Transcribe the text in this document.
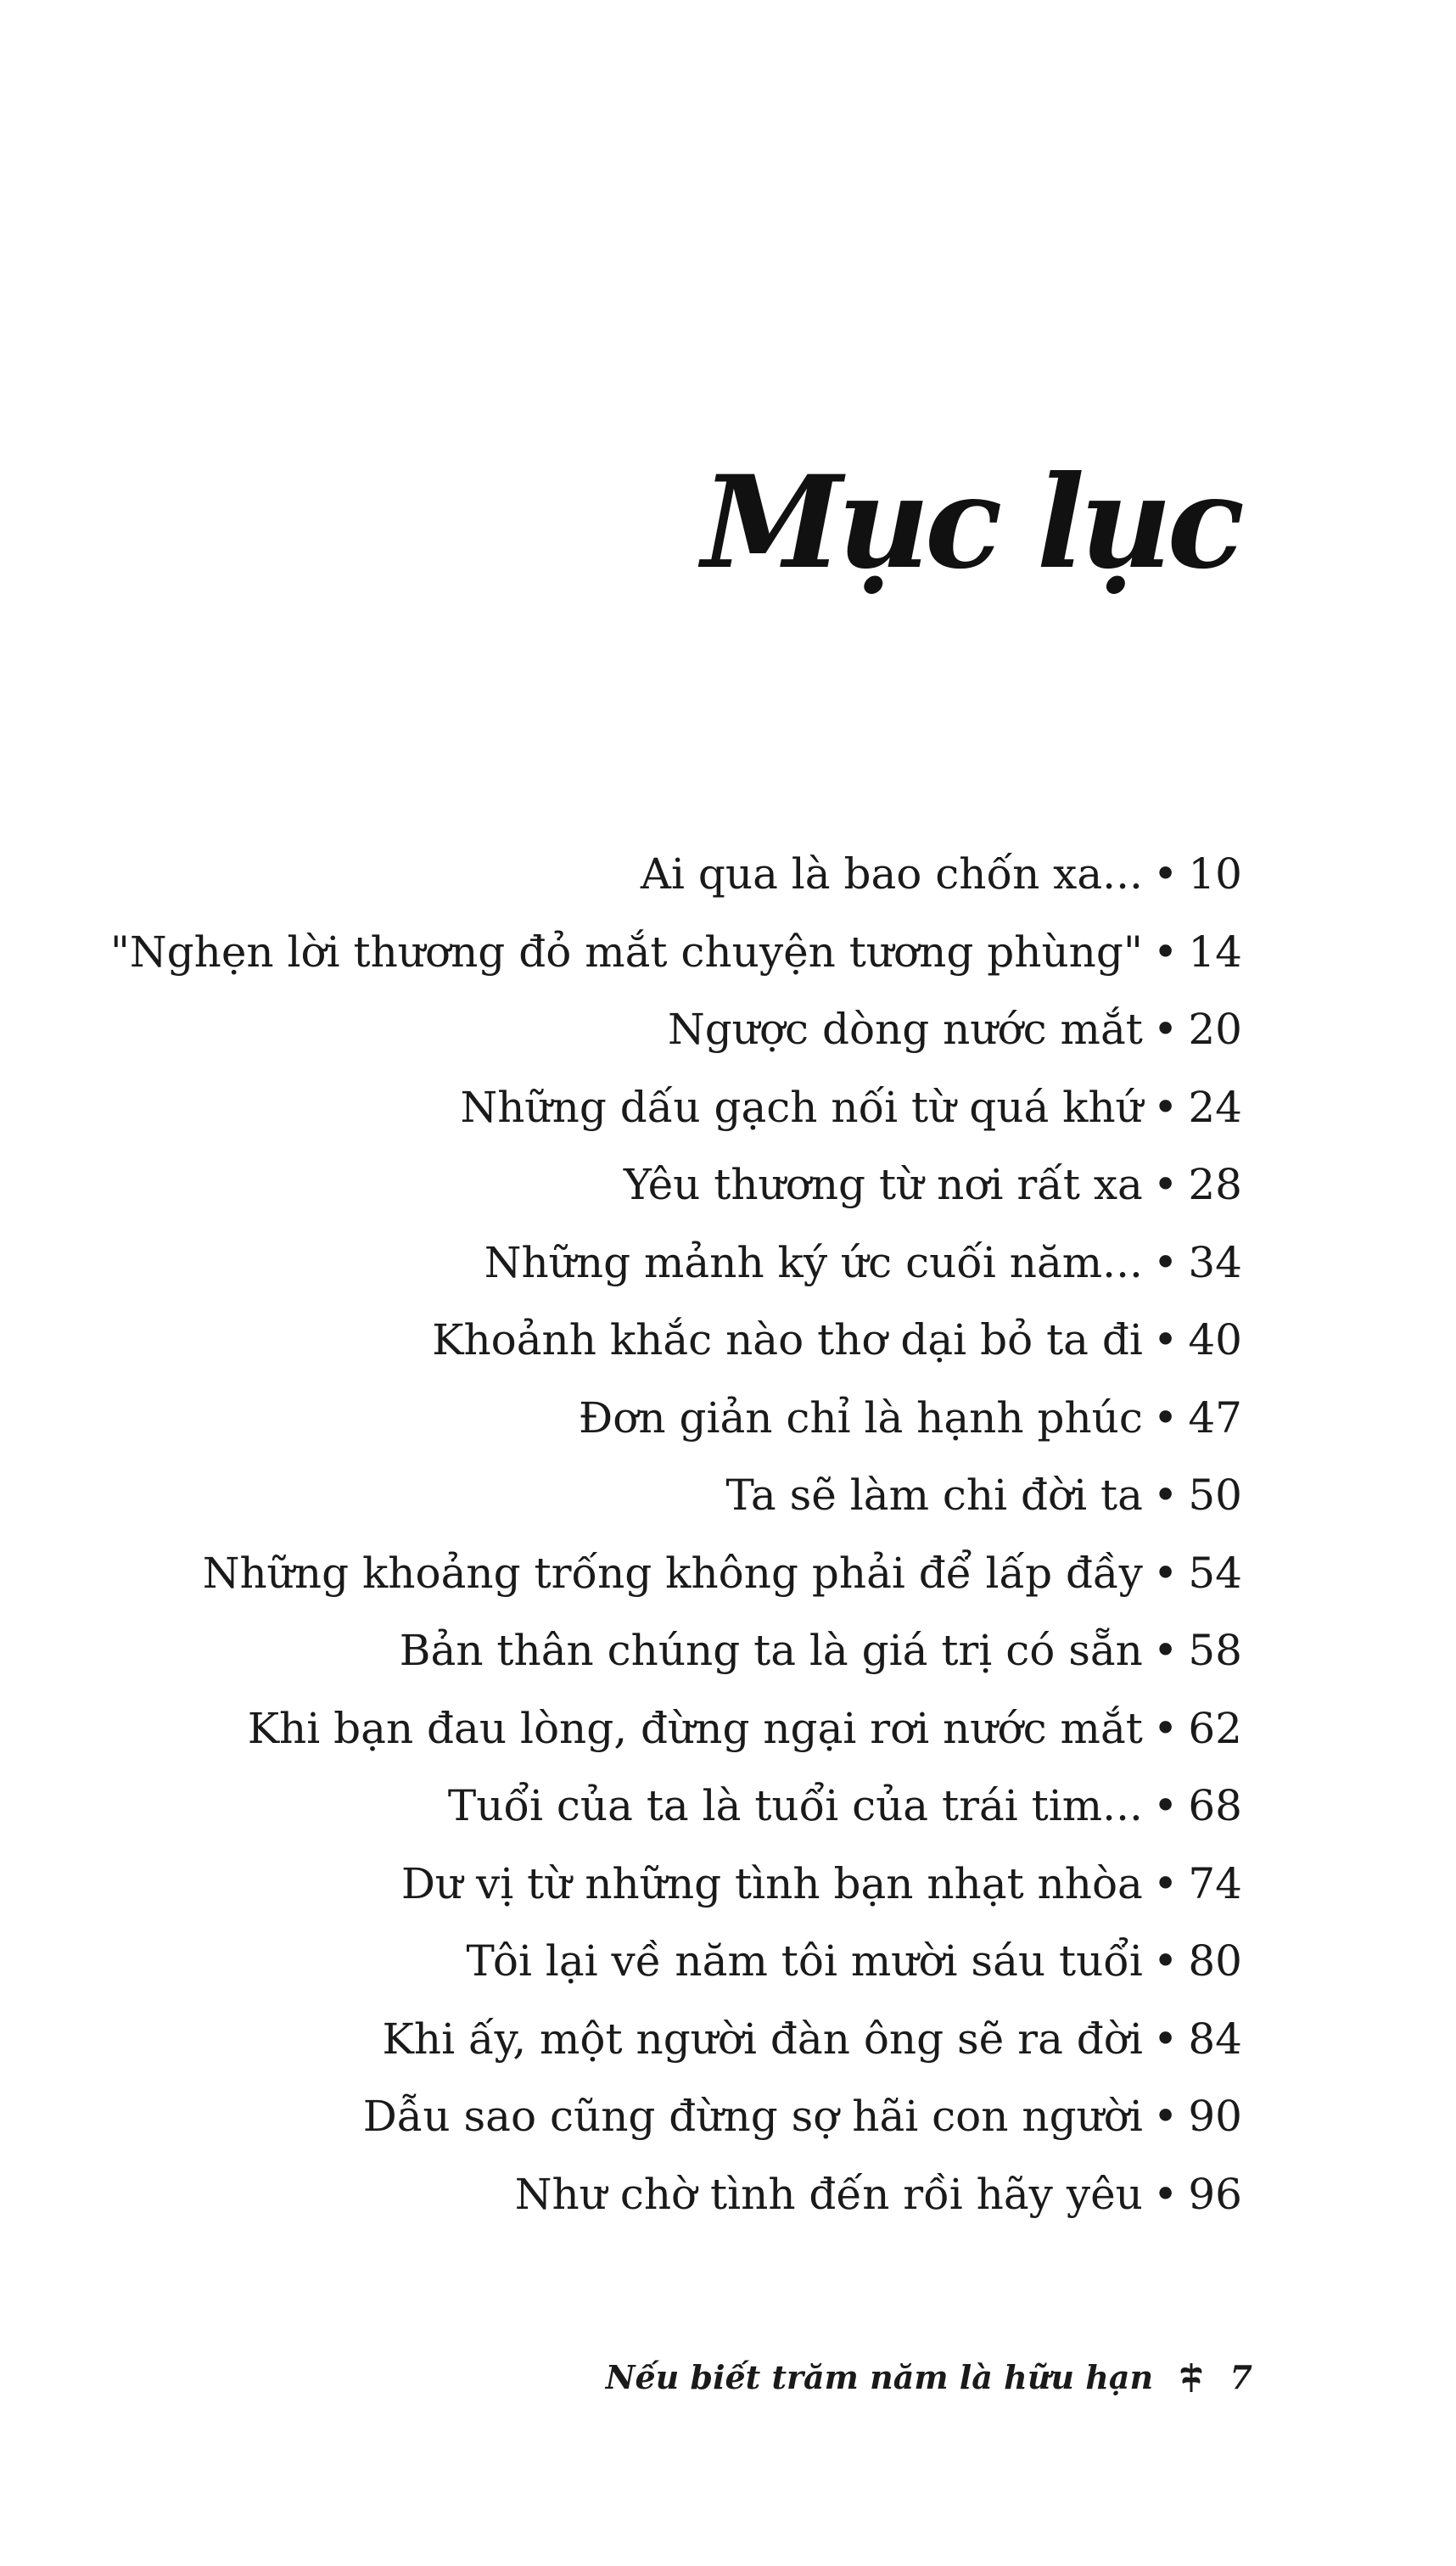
Mục lục
Ai qua là bao chốn xa... • 10
"Nghẹn lời thương đỏ mắt chuyện tương phùng" • 14
Ngược dòng nước mắt • 20
Những dấu gạch nối từ quá khứ • 24
Yêu thương từ nơi rất xa • 28
Những mảnh ký ức cuối năm... • 34
Khoảnh khắc nào thơ dại bỏ ta đi • 40
Đơn giản chỉ là hạnh phúc • 47
Ta sẽ làm chi đời ta • 50
Những khoảng trống không phải để lấp đầy • 54
Bản thân chúng ta là giá trị có sẵn • 58
Khi bạn đau lòng, đừng ngại rơi nước mắt • 62
Tuổi của ta là tuổi của trái tim... • 68
Dư vị từ những tình bạn nhạt nhòa • 74
Tôi lại về năm tôi mười sáu tuổi • 80
Khi ấy, một người đàn ông sẽ ra đời • 84
Dẫu sao cũng đừng sợ hãi con người • 90
Như chờ tình đến rồi hãy yêu • 96
Nếu biết trăm năm là hữu hạn 7
